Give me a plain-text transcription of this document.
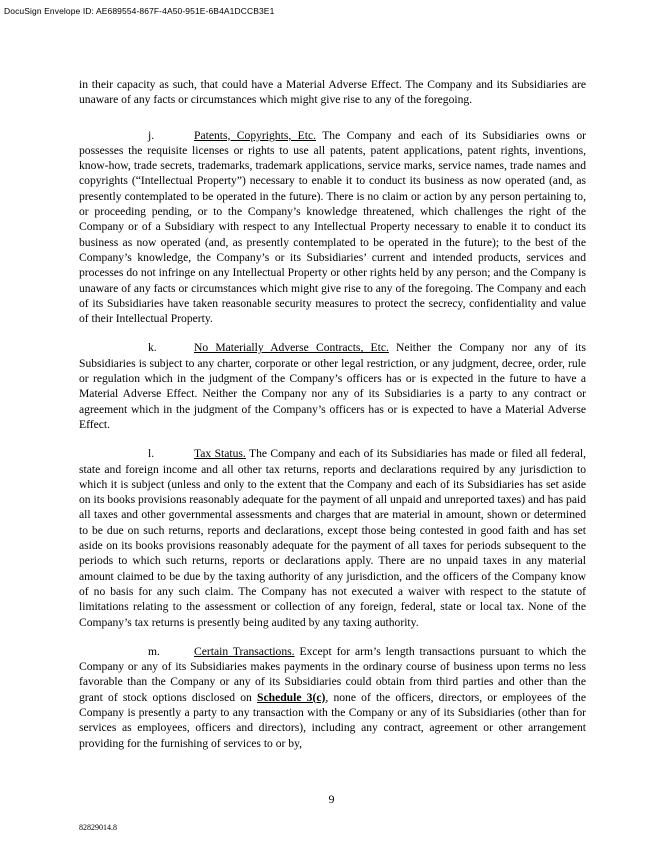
DocuSign Envelope ID: AE689554-867F-4A50-951E-6B4A1DCCB3E1

in their capacity as such, that could have a Material Adverse Effect. The Company and its Subsidiaries are unaware of any facts or circumstances which might give rise to any of the foregoing.

j.	Patents, Copyrights, Etc. The Company and each of its Subsidiaries owns or possesses the requisite licenses or rights to use all patents, patent applications, patent rights, inventions, know-how, trade secrets, trademarks, trademark applications, service marks, service names, trade names and copyrights (“Intellectual Property”) necessary to enable it to conduct its business as now operated (and, as presently contemplated to be operated in the future). There is no claim or action by any person pertaining to, or proceeding pending, or to the Company’s knowledge threatened, which challenges the right of the Company or of a Subsidiary with respect to any Intellectual Property necessary to enable it to conduct its business as now operated (and, as presently contemplated to be operated in the future); to the best of the Company’s knowledge, the Company’s or its Subsidiaries’ current and intended products, services and processes do not infringe on any Intellectual Property or other rights held by any person; and the Company is unaware of any facts or circumstances which might give rise to any of the foregoing. The Company and each of its Subsidiaries have taken reasonable security measures to protect the secrecy, confidentiality and value of their Intellectual Property.

k.	No Materially Adverse Contracts, Etc. Neither the Company nor any of its Subsidiaries is subject to any charter, corporate or other legal restriction, or any judgment, decree, order, rule or regulation which in the judgment of the Company’s officers has or is expected in the future to have a Material Adverse Effect. Neither the Company nor any of its Subsidiaries is a party to any contract or agreement which in the judgment of the Company’s officers has or is expected to have a Material Adverse Effect.

l.	Tax Status. The Company and each of its Subsidiaries has made or filed all federal, state and foreign income and all other tax returns, reports and declarations required by any jurisdiction to which it is subject (unless and only to the extent that the Company and each of its Subsidiaries has set aside on its books provisions reasonably adequate for the payment of all unpaid and unreported taxes) and has paid all taxes and other governmental assessments and charges that are material in amount, shown or determined to be due on such returns, reports and declarations, except those being contested in good faith and has set aside on its books provisions reasonably adequate for the payment of all taxes for periods subsequent to the periods to which such returns, reports or declarations apply. There are no unpaid taxes in any material amount claimed to be due by the taxing authority of any jurisdiction, and the officers of the Company know of no basis for any such claim. The Company has not executed a waiver with respect to the statute of limitations relating to the assessment or collection of any foreign, federal, state or local tax. None of the Company’s tax returns is presently being audited by any taxing authority.

m.	Certain Transactions. Except for arm’s length transactions pursuant to which the Company or any of its Subsidiaries makes payments in the ordinary course of business upon terms no less favorable than the Company or any of its Subsidiaries could obtain from third parties and other than the grant of stock options disclosed on Schedule 3(c), none of the officers, directors, or employees of the Company is presently a party to any transaction with the Company or any of its Subsidiaries (other than for services as employees, officers and directors), including any contract, agreement or other arrangement providing for the furnishing of services to or by,

9
82829014.8
